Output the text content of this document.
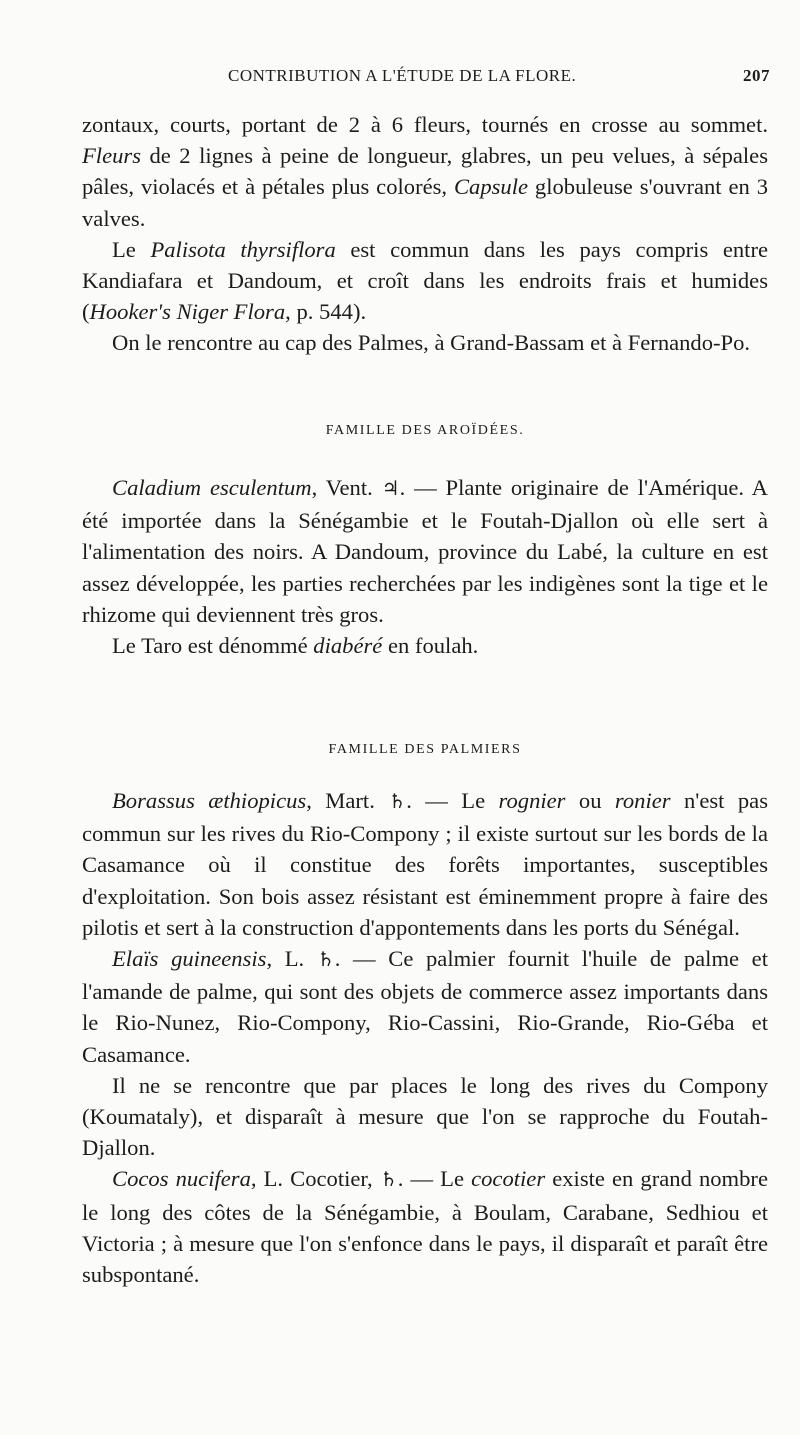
CONTRIBUTION A L'ÉTUDE DE LA FLORE.	207

zontaux, courts, portant de 2 à 6 fleurs, tournés en crosse au sommet. Fleurs de 2 lignes à peine de longueur, glabres, un peu velues, à sépales pâles, violacés et à pétales plus colorés, Capsule globuleuse s'ouvrant en 3 valves.

Le Palisota thyrsiflora est commun dans les pays compris entre Kandiafara et Dandoum, et croît dans les endroits frais et humides (Hooker's Niger Flora, p. 544).

On le rencontre au cap des Palmes, à Grand-Bassam et à Fernando-Po.

FAMILLE DES AROÏDÉES.

Caladium esculentum, Vent. ♃. — Plante originaire de l'Amérique. A été importée dans la Sénégambie et le Foutah-Djallon où elle sert à l'alimentation des noirs. A Dandoum, province du Labé, la culture en est assez développée, les parties recherchées par les indigènes sont la tige et le rhizome qui deviennent très gros.

Le Taro est dénommé diabéré en foulah.

FAMILLE DES PALMIERS

Borassus æthiopicus, Mart. ♄. — Le rognier ou ronier n'est pas commun sur les rives du Rio-Compony ; il existe surtout sur les bords de la Casamance où il constitue des forêts importantes, susceptibles d'exploitation. Son bois assez résistant est éminemment propre à faire des pilotis et sert à la construction d'appontements dans les ports du Sénégal.

Elaïs guineensis, L. ♄. — Ce palmier fournit l'huile de palme et l'amande de palme, qui sont des objets de commerce assez importants dans le Rio-Nunez, Rio-Compony, Rio-Cassini, Rio-Grande, Rio-Géba et Casamance.

Il ne se rencontre que par places le long des rives du Compony (Koumataly), et disparaît à mesure que l'on se rapproche du Foutah-Djallon.

Cocos nucifera, L. Cocotier, ♄. — Le cocotier existe en grand nombre le long des côtes de la Sénégambie, à Boulam, Carabane, Sedhiou et Victoria ; à mesure que l'on s'enfonce dans le pays, il disparaît et paraît être subspontané.
